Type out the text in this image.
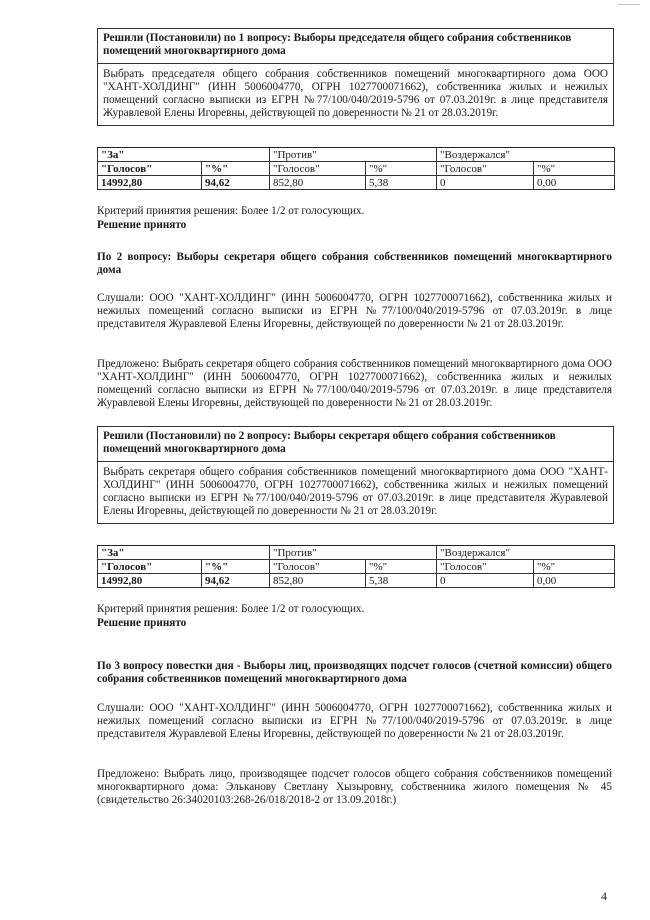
Решили (Постановили) по 1 вопросу: Выборы председателя общего собрания собственников помещений многоквартирного дома
Выбрать председателя общего собрания собственников помещений многоквартирного дома ООО "ХАНТ-ХОЛДИНГ" (ИНН 5006004770, ОГРН 1027700071662), собственника жилых и нежилых помещений согласно выписки из ЕГРН №77/100/040/2019-5796 от 07.03.2019г. в лице представителя Журавлевой Елены Игоревны, действующей по доверенности № 21 от 28.03.2019г.
"За"		"Против"		"Воздержался"	
"Голосов"	"%"	"Голосов"	"%"	"Голосов"	"%"
14992,80	94,62	852,80	5,38	0	0,00
Критерий принятия решения: Более 1/2 от голосующих.
Решение принято
По 2 вопросу: Выборы секретаря общего собрания собственников помещений многоквартирного дома
Слушали: ООО "ХАНТ-ХОЛДИНГ" (ИНН 5006004770, ОГРН 1027700071662), собственника жилых и нежилых помещений согласно выписки из ЕГРН №77/100/040/2019-5796 от 07.03.2019г. в лице представителя Журавлевой Елены Игоревны, действующей по доверенности № 21 от 28.03.2019г.
Предложено: Выбрать секретаря общего собрания собственников помещений многоквартирного дома ООО "ХАНТ-ХОЛДИНГ" (ИНН 5006004770, ОГРН 1027700071662), собственника жилых и нежилых помещений согласно выписки из ЕГРН №77/100/040/2019-5796 от 07.03.2019г. в лице представителя Журавлевой Елены Игоревны, действующей по доверенности № 21 от 28.03.2019г.
Решили (Постановили) по 2 вопросу: Выборы секретаря общего собрания собственников помещений многоквартирного дома
Выбрать секретаря общего собрания собственников помещений многоквартирного дома ООО "ХАНТ-ХОЛДИНГ" (ИНН 5006004770, ОГРН 1027700071662), собственника жилых и нежилых помещений согласно выписки из ЕГРН №77/100/040/2019-5796 от 07.03.2019г. в лице представителя Журавлевой Елены Игоревны, действующей по доверенности № 21 от 28.03.2019г.
"За"		"Против"		"Воздержался"	
"Голосов"	"%"	"Голосов"	"%"	"Голосов"	"%"
14992,80	94,62	852,80	5,38	0	0,00
Критерий принятия решения: Более 1/2 от голосующих.
Решение принято
По 3 вопросу повестки дня - Выборы лиц, производящих подсчет голосов (счетной комиссии) общего собрания собственников помещений многоквартирного дома
Слушали: ООО "ХАНТ-ХОЛДИНГ" (ИНН 5006004770, ОГРН 1027700071662), собственника жилых и нежилых помещений согласно выписки из ЕГРН №77/100/040/2019-5796 от 07.03.2019г. в лице представителя Журавлевой Елены Игоревны, действующей по доверенности № 21 от 28.03.2019г.
Предложено: Выбрать лицо, производящее подсчет голосов общего собрания собственников помещений многоквартирного дома: Эльканову Светлану Хызыровну, собственника жилого помещения № 45 (свидетельство 26:34020103:268-26/018/2018-2 от 13.09.2018г.)
4
